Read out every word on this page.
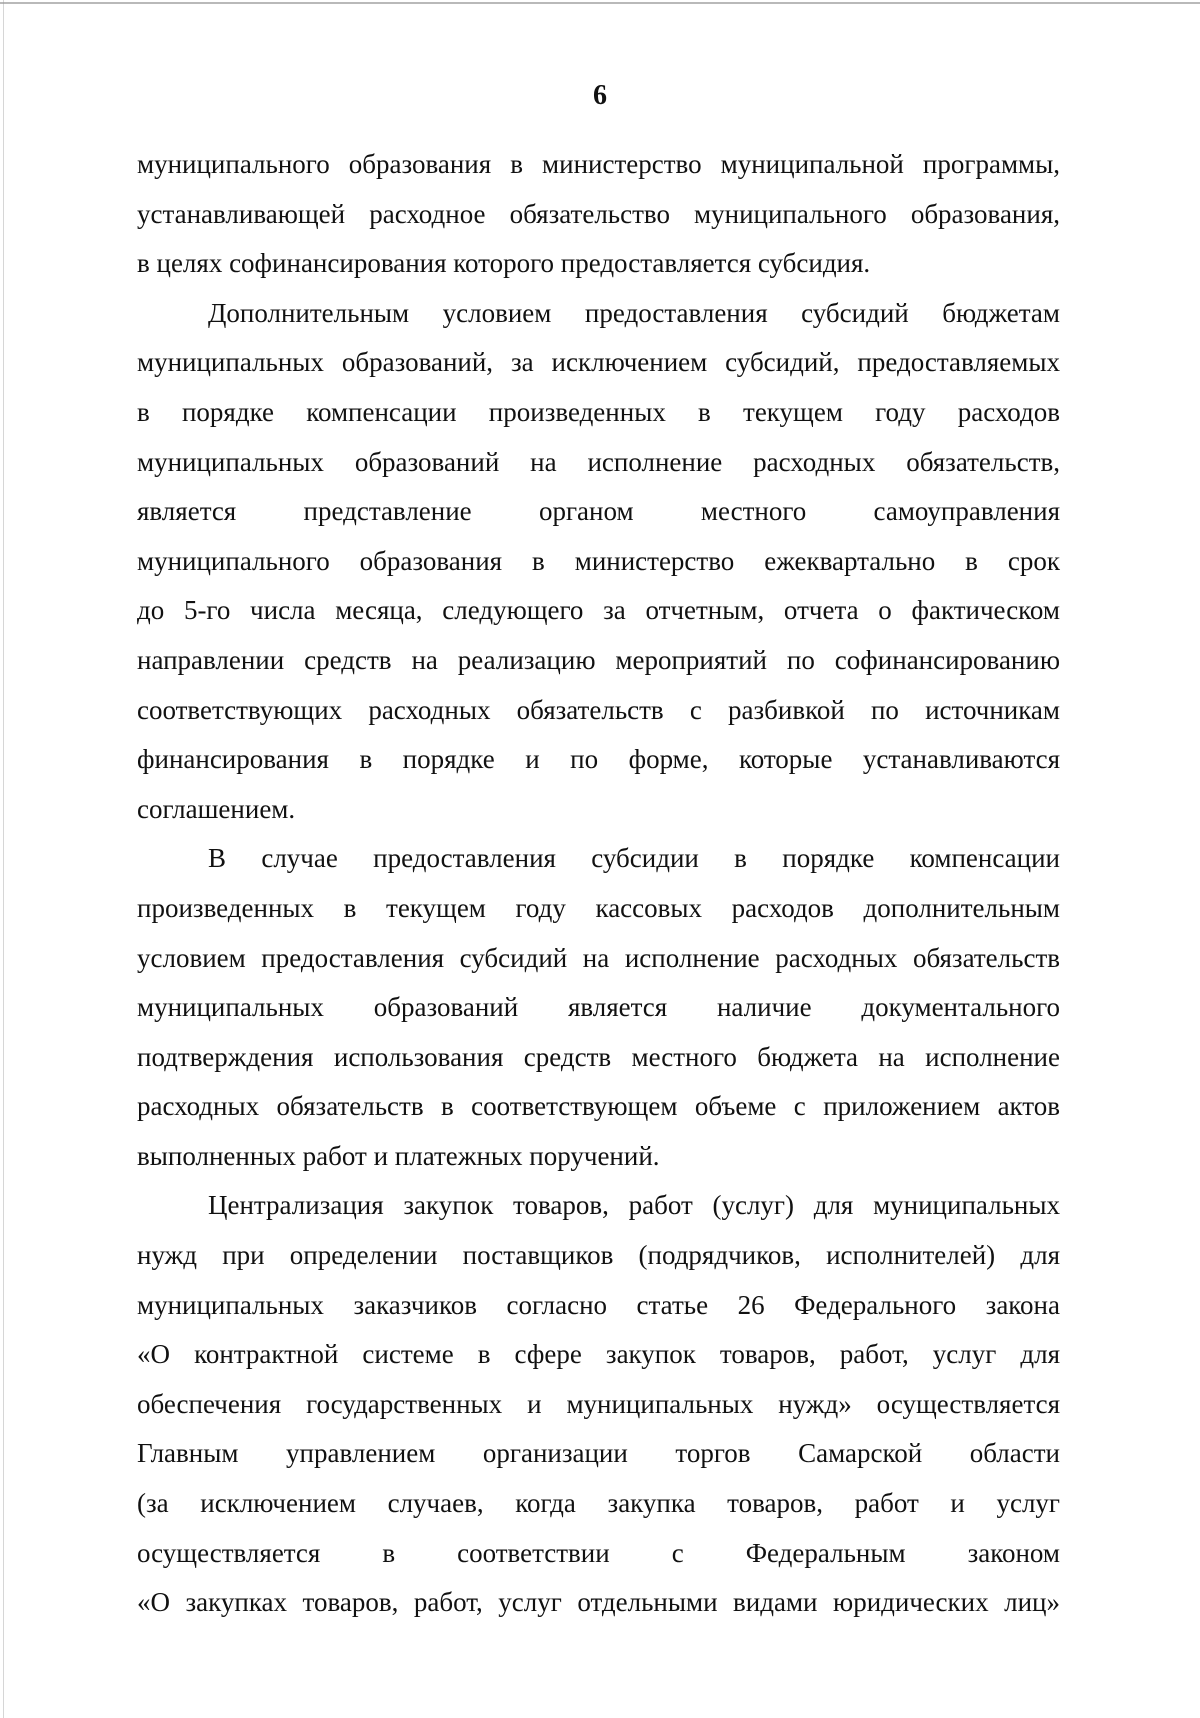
6
муниципального образования в министерство муниципальной программы,
устанавливающей расходное обязательство муниципального образования,
в целях софинансирования которого предоставляется субсидия.
Дополнительным условием предоставления субсидий бюджетам
муниципальных образований, за исключением субсидий, предоставляемых
в порядке компенсации произведенных в текущем году расходов
муниципальных образований на исполнение расходных обязательств,
является представление органом местного самоуправления
муниципального образования в министерство ежеквартально в срок
до 5-го числа месяца, следующего за отчетным, отчета о фактическом
направлении средств на реализацию мероприятий по софинансированию
соответствующих расходных обязательств с разбивкой по источникам
финансирования в порядке и по форме, которые устанавливаются
соглашением.
В случае предоставления субсидии в порядке компенсации
произведенных в текущем году кассовых расходов дополнительным
условием предоставления субсидий на исполнение расходных обязательств
муниципальных образований является наличие документального
подтверждения использования средств местного бюджета на исполнение
расходных обязательств в соответствующем объеме с приложением актов
выполненных работ и платежных поручений.
Централизация закупок товаров, работ (услуг) для муниципальных
нужд при определении поставщиков (подрядчиков, исполнителей) для
муниципальных заказчиков согласно статье 26 Федерального закона
«О контрактной системе в сфере закупок товаров, работ, услуг для
обеспечения государственных и муниципальных нужд» осуществляется
Главным управлением организации торгов Самарской области
(за исключением случаев, когда закупка товаров, работ и услуг
осуществляется в соответствии с Федеральным законом
«О закупках товаров, работ, услуг отдельными видами юридических лиц»
